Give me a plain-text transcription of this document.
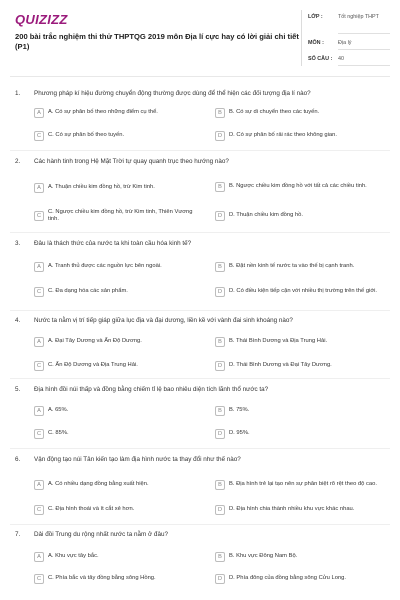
QUIZIZZ
200 bài trắc nghiệm thi thử THPTQG 2019 môn Địa lí cực hay có lời giải chi tiết (P1)
LỚP :	Tốt nghiệp THPT
MÔN :	Địa lý
SỐ CÂU : 40
1. Phương pháp kí hiệu đường chuyển động thường được dùng để thể hiện các đối tượng địa lí nào?
A	A. Có sự phân bố theo những điểm cụ thể.	B	B. Có sự di chuyển theo các tuyến.
C	C. Có sự phân bố theo tuyến.	D	D. Có sự phân bố rải rác theo không gian.
2. Các hành tinh trong Hệ Mặt Trời tự quay quanh trục theo hướng nào?
A	A. Thuận chiều kim đồng hồ, trừ Kim tinh.	B	B. Ngược chiều kim đồng hồ với tất cả các chiều tinh.
C
C. Ngược chiều kim đồng hồ, trừ Kim tinh, Thiên Vương tinh.	D	D. Thuận chiều kim đồng hồ.
3. Đâu là thách thức của nước ta khi toàn cầu hóa kinh tế?
A	A. Tranh thủ được các nguồn lực bên ngoài.	B	B. Đặt nền kinh tế nước ta vào thế bị cạnh tranh.
C	C. Đa dạng hóa các sản phẩm.	D	D. Có điều kiện tiếp cận với nhiều thị trường trên thế giới.
4. Nước ta nằm vị trí tiếp giáp giữa lục địa và đại dương, liền kề với vành đai sinh khoáng nào?
A	A. Đại Tây Dương và Ấn Độ Dương.	B	B. Thái Bình Dương và Địa Trung Hải.
C	C. Ấn Độ Dương và Địa Trung Hải.	D	D. Thái Bình Dương và Đại Tây Dương.
5. Địa hình đồi núi thấp và đồng bằng chiếm tỉ lệ bao nhiêu diện tích lãnh thổ nước ta?
A	A. 65%.	B	B. 75%.
C	C. 85%.	D	D. 95%.
6. Vận động tạo núi Tân kiến tạo làm địa hình nước ta thay đổi như thế nào?
A	A. Có nhiều dạng đồng bằng xuất hiện.	B	B. Địa hình trẻ lại tạo nên sự phân biệt rõ rệt theo độ cao.
C	C. Địa hình thoái và ít cắt xẻ hơn.	D	D. Địa hình chia thành nhiều khu vực khác nhau.
7. Dải đồi Trung du rộng nhất nước ta nằm ở đâu?
A	A. Khu vực tây bắc.	B	B. Khu vực Đông Nam Bộ.
C	C. Phía bắc và tây đồng bằng sông Hồng.	D	D. Phía đông của đồng bằng sông Cửu Long.
